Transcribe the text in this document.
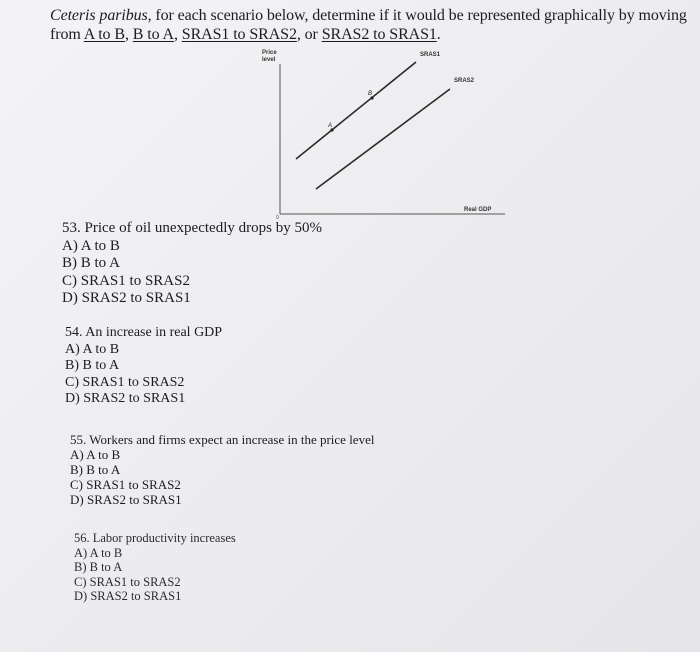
Ceteris paribus, for each scenario below, determine if it would be represented graphically by moving from A to B, B to A, SRAS1 to SRAS2, or SRAS2 to SRAS1.
Price
level
0
Real GDP
SRAS1
SRAS2
A
B
53. Price of oil unexpectedly drops by 50%
A) A to B
B) B to A
C) SRAS1 to SRAS2
D) SRAS2 to SRAS1
54. An increase in real GDP
A) A to B
B) B to A
C) SRAS1 to SRAS2
D) SRAS2 to SRAS1
55. Workers and firms expect an increase in the price level
A) A to B
B) B to A
C) SRAS1 to SRAS2
D) SRAS2 to SRAS1
56. Labor productivity increases
A) A to B
B) B to A
C) SRAS1 to SRAS2
D) SRAS2 to SRAS1
